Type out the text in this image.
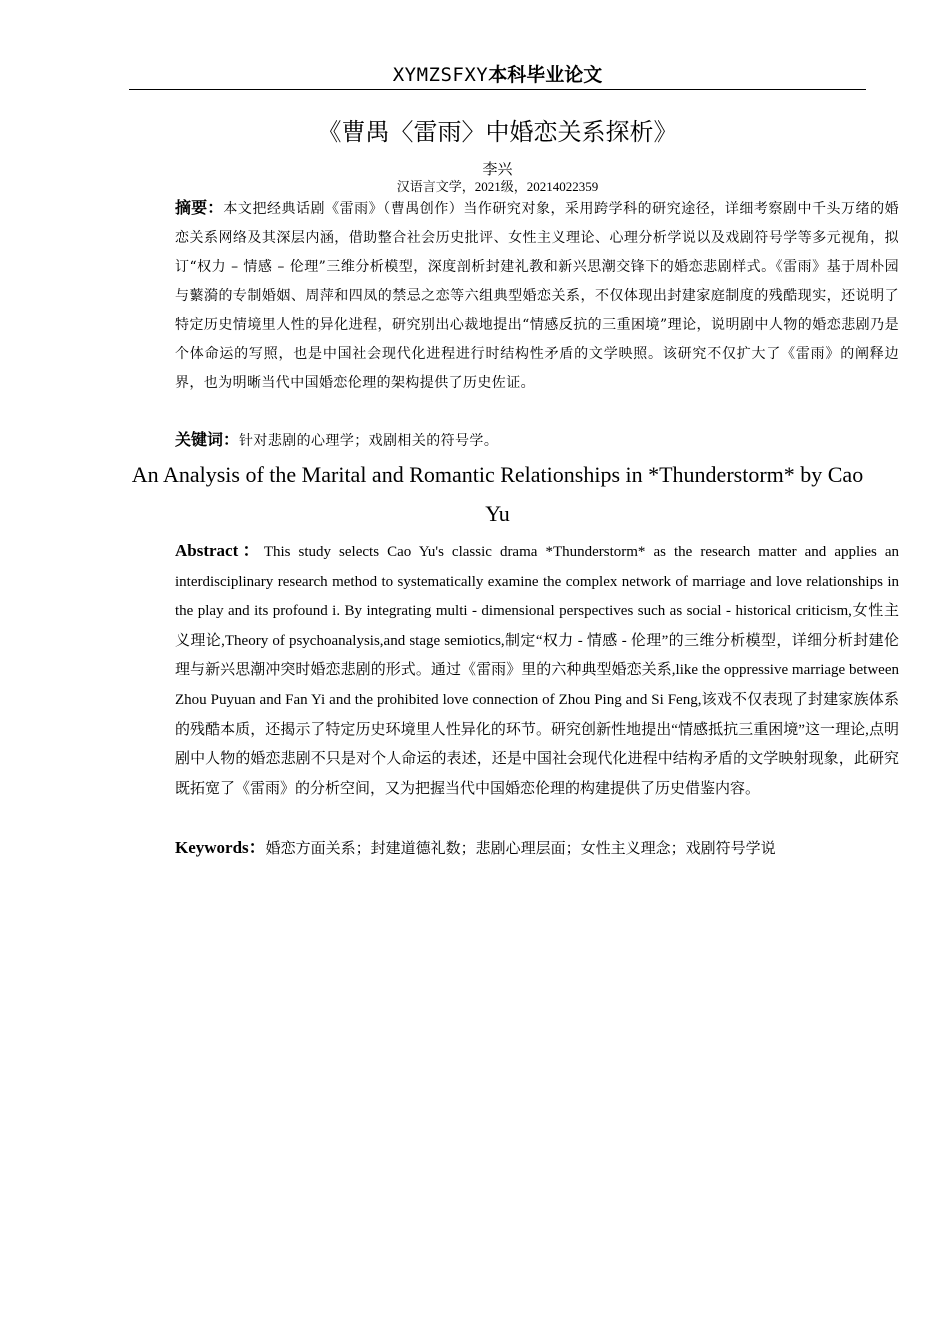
XYMZSFXY本科毕业论文
《曹禺〈雷雨〉中婚恋关系探析》
李兴
汉语言文学，2021级，20214022359

摘要：本文把经典话剧《雷雨》（曹禺创作）当作研究对象，采用跨学科的研究途径，详细考察剧中千头万绪的婚恋关系网络及其深层内涵，借助整合社会历史批评、女性主义理论、心理分析学说以及戏剧符号学等多元视角，拟订“权力 – 情感 – 伦理”三维分析模型，深度剖析封建礼教和新兴思潮交锋下的婚恋悲剧样式。《雷雨》基于周朴园与蘩漪的专制婚姻、周萍和四凤的禁忌之恋等六组典型婚恋关系，不仅体现出封建家庭制度的残酷现实，还说明了特定历史情境里人性的异化进程，研究别出心裁地提出“情感反抗的三重困境”理论，说明剧中人物的婚恋悲剧乃是个体命运的写照，也是中国社会现代化进程进行时结构性矛盾的文学映照。该研究不仅扩大了《雷雨》的阐释边界，也为明晰当代中国婚恋伦理的架构提供了历史佐证。

关键词：针对悲剧的心理学；戏剧相关的符号学。

An Analysis of the Marital and Romantic Relationships in *Thunderstorm* by Cao Yu

Abstract：This study selects Cao Yu's classic drama *Thunderstorm* as the research matter and applies an interdisciplinary research method to systematically examine the complex network of marriage and love relationships in the play and its profound i. By integrating multi - dimensional perspectives such as social - historical criticism,女性主义理论,Theory of psychoanalysis,and stage semiotics,制定“权力 - 情感 - 伦理”的三维分析模型，详细分析封建伦理与新兴思潮冲突时婚恋悲剧的形式。通过《雷雨》里的六种典型婚恋关系,like the oppressive marriage between Zhou Puyuan and Fan Yi and the prohibited love connection of Zhou Ping and Si Feng,该戏不仅表现了封建家族体系的残酷本质，还揭示了特定历史环境里人性异化的环节。研究创新性地提出“情感抵抗三重困境”这一理论,点明剧中人物的婚恋悲剧不只是对个人命运的表述，还是中国社会现代化进程中结构矛盾的文学映射现象，此研究既拓宽了《雷雨》的分析空间，又为把握当代中国婚恋伦理的构建提供了历史借鉴内容。

Keywords：婚恋方面关系；封建道德礼数；悲剧心理层面；女性主义理念；戏剧符号学说
